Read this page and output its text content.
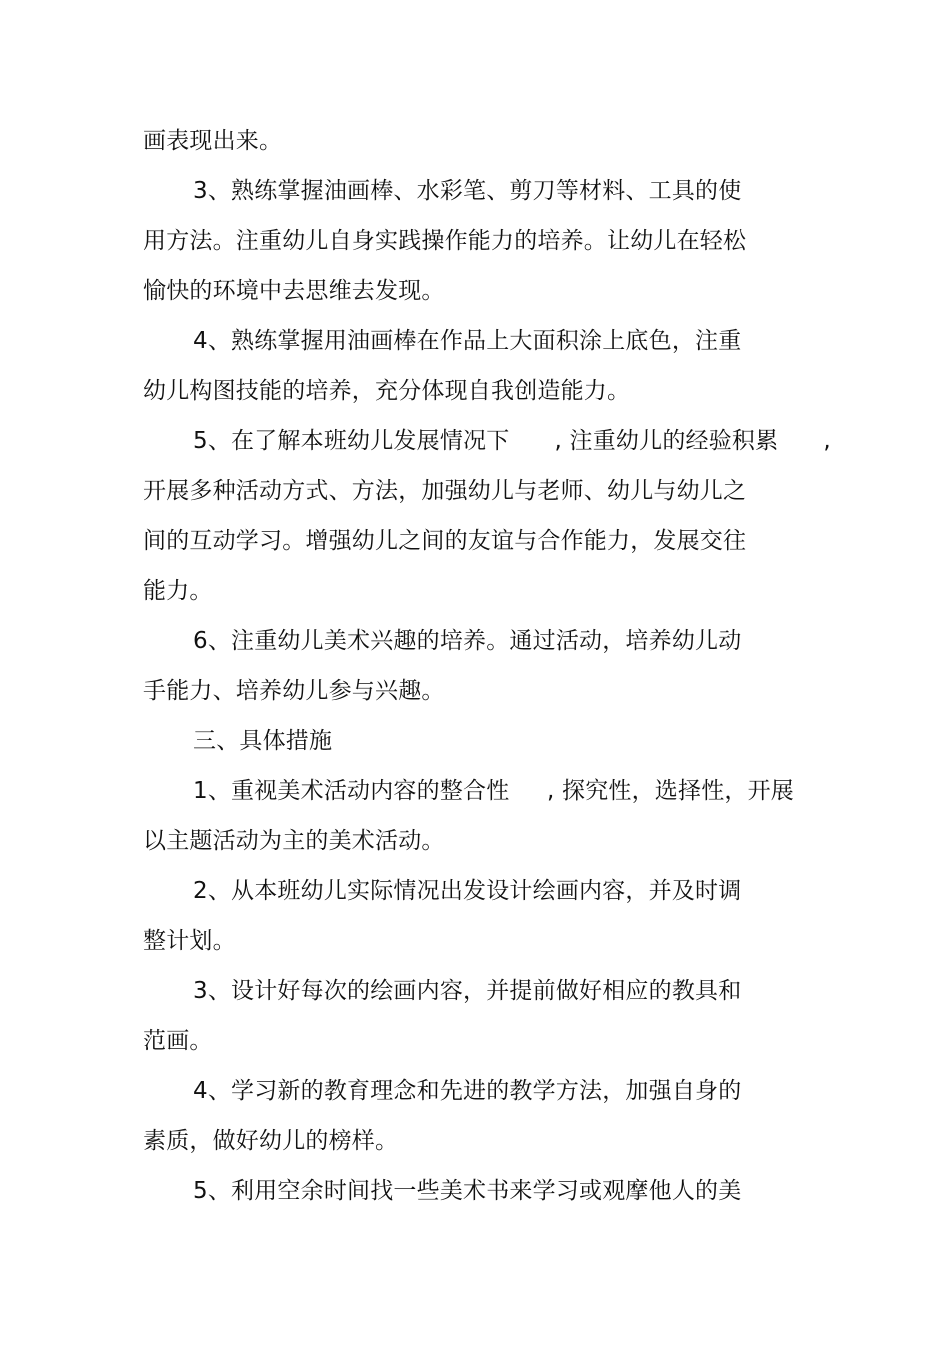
画表现出来。
3、熟练掌握油画棒、水彩笔、剪刀等材料、工具的使
用方法。注重幼儿自身实践操作能力的培养。让幼儿在轻松
愉快的环境中去思维去发现。
4、熟练掌握用油画棒在作品上大面积涂上底色，注重
幼儿构图技能的培养，充分体现自我创造能力。
5、在了解本班幼儿发展情况下      , 注重幼儿的经验积累      ,
开展多种活动方式、方法，加强幼儿与老师、幼儿与幼儿之
间的互动学习。增强幼儿之间的友谊与合作能力，发展交往
能力。
6、注重幼儿美术兴趣的培养。通过活动，培养幼儿动
手能力、培养幼儿参与兴趣。
三、具体措施
1、重视美术活动内容的整合性     , 探究性，选择性，开展
以主题活动为主的美术活动。
2、从本班幼儿实际情况出发设计绘画内容，并及时调
整计划。
3、设计好每次的绘画内容，并提前做好相应的教具和
范画。
4、学习新的教育理念和先进的教学方法，加强自身的
素质，做好幼儿的榜样。
5、利用空余时间找一些美术书来学习或观摩他人的美
